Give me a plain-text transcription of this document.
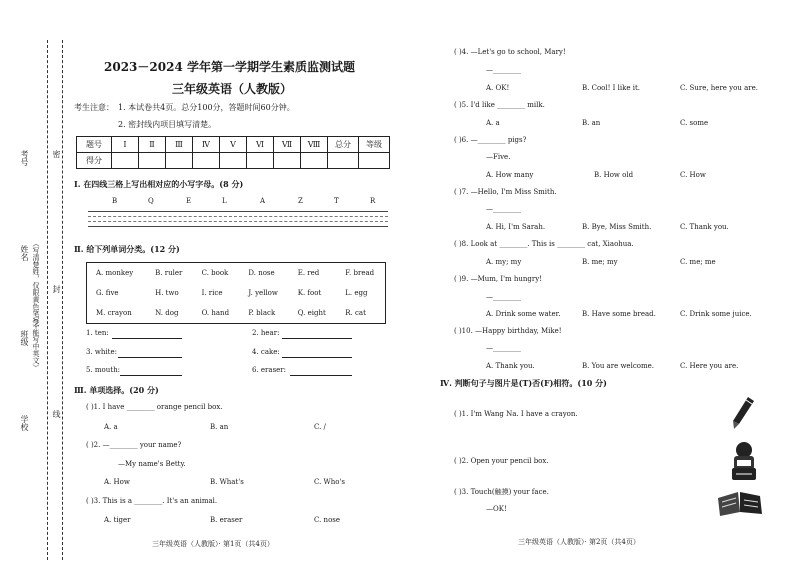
密
封
线
考号
姓名 （写清楚姓，仅限黄色笔写）
班级 （不能写中英文）
学校
2023－2024 学年第一学期学生素质监测试题
三年级英语（人教版）
考生注意： 1. 本试卷共4页。总分100分，答题时间60分钟。
2. 密封线内项目填写清楚。
题号	Ⅰ	Ⅱ	Ⅲ	Ⅳ	Ⅴ	Ⅵ	Ⅶ	Ⅷ	总分	等级
得分										
Ⅰ. 在四线三格上写出相对应的小写字母。(8 分)
B	Q	E	L	A	Z	T	R
Ⅱ. 给下列单词分类。(12 分)
A. monkey	B. ruler	C. book	D. nose	E. red	F. bread
G. five	H. two	I. rice	J. yellow	K. foot	L. egg
M. crayon	N. dog	O. hand	P. black	Q. eight	R. cat
1. ten:	2. hear:
3. white:	4. cake:
5. mouth:	6. eraser:
Ⅲ. 单项选择。(20 分)
( )1. I have ________ orange pencil box.
A. a	B. an	C. /
( )2. —________ your name?
—My name's Betty.
A. How	B. What's	C. Who's
( )3. This is a ________. It's an animal.
A. tiger	B. eraser	C. nose
三年级英语（人教版）· 第1页（共4页）
( )4. —Let's go to school, Mary!
—________
A. OK!	B. Cool! I like it.	C. Sure, here you are.
( )5. I'd like ________ milk.
A. a	B. an	C. some
( )6. —________ pigs?
—Five.
A. How many	B. How old	C. How
( )7. —Hello, I'm Miss Smith.
—________
A. Hi, I'm Sarah.	B. Bye, Miss Smith.	C. Thank you.
( )8. Look at ________. This is ________ cat, Xiaohua.
A. my; my	B. me; my	C. me; me
( )9. —Mum, I'm hungry!
—________
A. Drink some water.	B. Have some bread.	C. Drink some juice.
( )10. —Happy birthday, Mike!
—________
A. Thank you.	B. You are welcome.	C. Here you are.
Ⅳ. 判断句子与图片是(T)否(F)相符。(10 分)
( )1. I'm Wang Na. I have a crayon.
( )2. Open your pencil box.
( )3. Touch(触摸) your face.
—OK!
三年级英语（人教版）· 第2页（共4页）
